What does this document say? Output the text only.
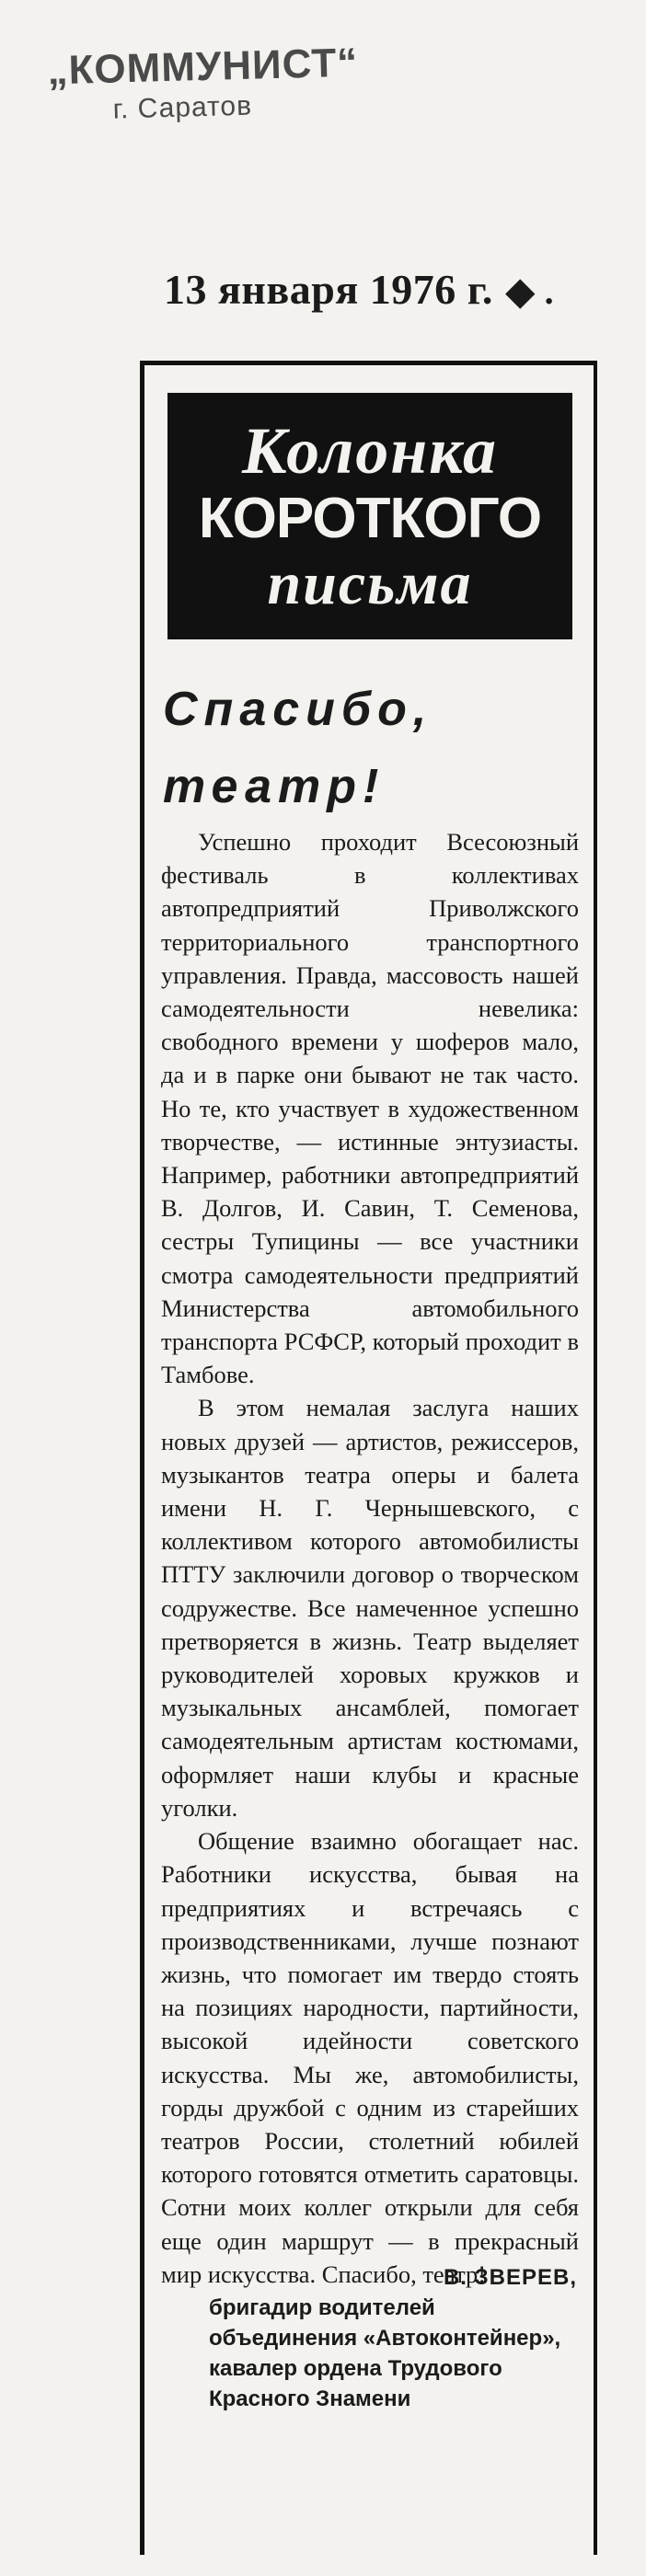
„КОММУНИСТ“
г. Саратов
13 января 1976 г. ◆ .
Колонка
КОРОТКОГО
письма
Спасибо,
театр!

Успешно проходит Всесоюзный фестиваль в коллективах автопредприятий Приволжского территориального транспортного управления. Правда, массовость нашей самодеятельности невелика: свободного времени у шоферов мало, да и в парке они бывают не так часто. Но те, кто участвует в художественном творчестве, — истинные энтузиасты. Например, работники автопредприятий В. Долгов, И. Савин, Т. Семенова, сестры Тупицины — все участники смотра самодеятельности предприятий Министерства автомобильного транспорта РСФСР, который проходит в Тамбове.

В этом немалая заслуга наших новых друзей — артистов, режиссеров, музыкантов театра оперы и балета имени Н. Г. Чернышевского, с коллективом которого автомобилисты ПТТУ заключили договор о творческом содружестве. Все намеченное успешно претворяется в жизнь. Театр выделяет руководителей хоровых кружков и музыкальных ансамблей, помогает самодеятельным артистам костюмами, оформляет наши клубы и красные уголки.

Общение взаимно обогащает нас. Работники искусства, бывая на предприятиях и встречаясь с производственниками, лучше познают жизнь, что помогает им твердо стоять на позициях народности, партийности, высокой идейности советского искусства. Мы же, автомобилисты, горды дружбой с одним из старейших театров России, столетний юбилей которого готовятся отметить саратовцы. Сотни моих коллег открыли для себя еще один маршрут — в прекрасный мир искусства. Спасибо, театр!

В. ЗВЕРЕВ,
бригадир водителей объединения «Автоконтейнер»,
кавалер ордена Трудового
Красного Знамени
